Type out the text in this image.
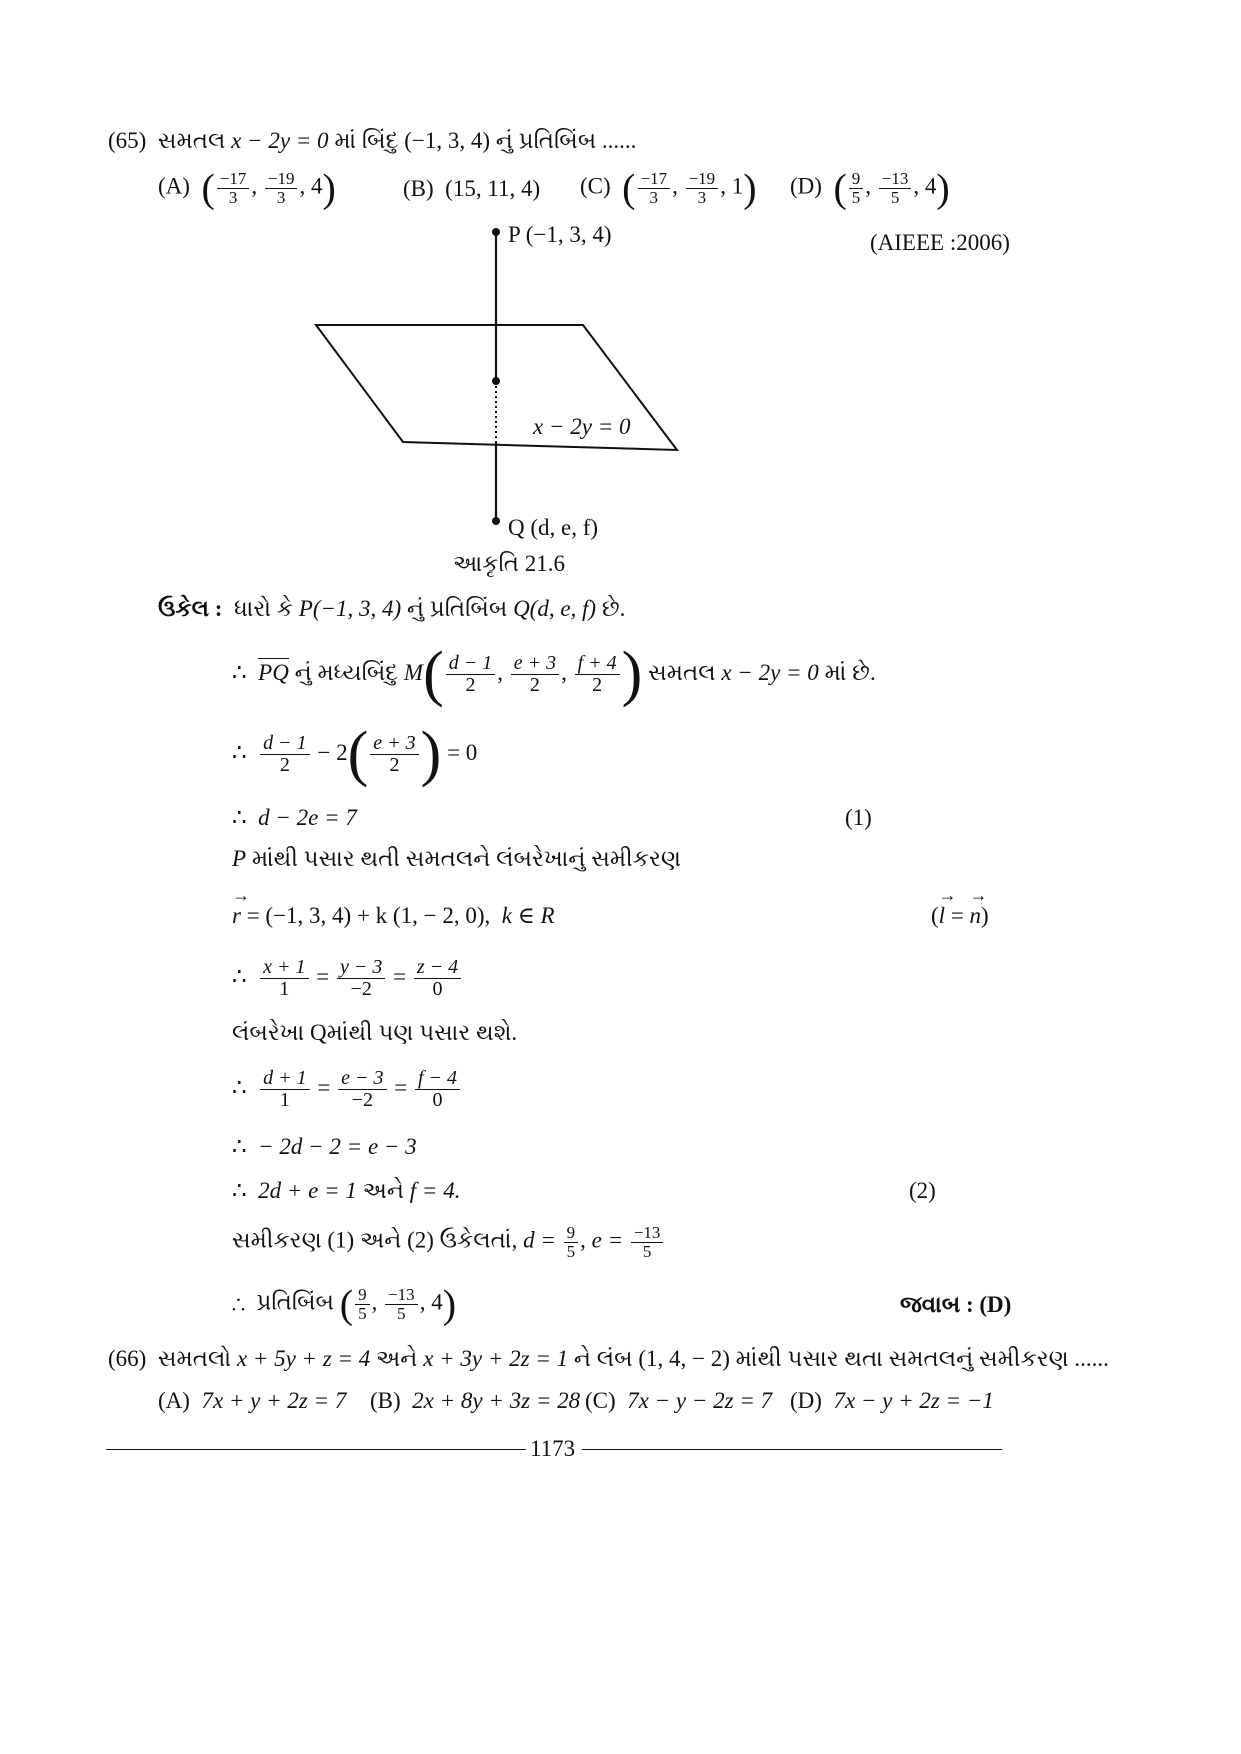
(65) સમતલ x − 2y = 0 માં બિંદુ (−1, 3, 4) નું પ્રતિબિંબ ......
(A) ( $\frac{-17}{3}$ , $\frac{-19}{3}$ , 4)	(B) (15, 11, 4) (C) ( $\frac{-17}{3}$ , $\frac{-19}{3}$ , 1) (D) ( $\frac{9}{5}$ , $\frac{-13}{5}$ , 4)
(AIEEE :2006)
P (−1, 3, 4)
x − 2y = 0
Q (d, e, f)
આકૃતિ 21.6
ઉકેલ : ધારો કે P(−1, 3, 4) નું પ્રતિબિંબ Q(d, e, f) છે.
∴ PQ નું મધ્યબિંદુ $M( \frac{d - 1}{2}$ , $\frac{e + 3}{2}$ , $\frac{f + 4}{2}$ ) સમતલ x − 2y = 0 માં છે.
∴ $\frac{d - 1}{2} - 2( \frac{e + 3}{2}$ ) = 0
∴ d − 2e = 7	(1)
P માંથી પસાર થતી સમતલને લંબરેખાનું સમીકરણ
→ r = (−1, 3, 4) + k (1, − 2, 0), k ∈ R	(→ l = → n)
∴ $\frac{x + 1}{1} = \frac{y - 3}{-2} = \frac{z - 4}{0}$
લંબરેખા Qમાંથી પણ પસાર થશે.
∴ $\frac{d + 1}{1} = \frac{e - 3}{-2} = \frac{f - 4}{0}$
∴ − 2d − 2 = e − 3
∴ 2d + e = 1 અને f = 4.	(2)
સમીકરણ (1) અને (2) ઉકેલતાં, $d = \frac{9}{5}$ , $e = \frac{-13}{5}$
∴ પ્રતિબિંબ ( $\frac{9}{5}$ , $\frac{-13}{5}$ , 4)	જવાબ : (D)
(66) સમતલો x + 5y + z = 4 અને x + 3y + 2z = 1 ને લંબ (1, 4, − 2) માંથી પસાર થતા સમતલનું સમીકરણ ......
(A) 7x + y + 2z = 7 (B) 2x + 8y + 3z = 28 (C) 7x − y − 2z = 7 (D) 7x − y + 2z = −1
1173
